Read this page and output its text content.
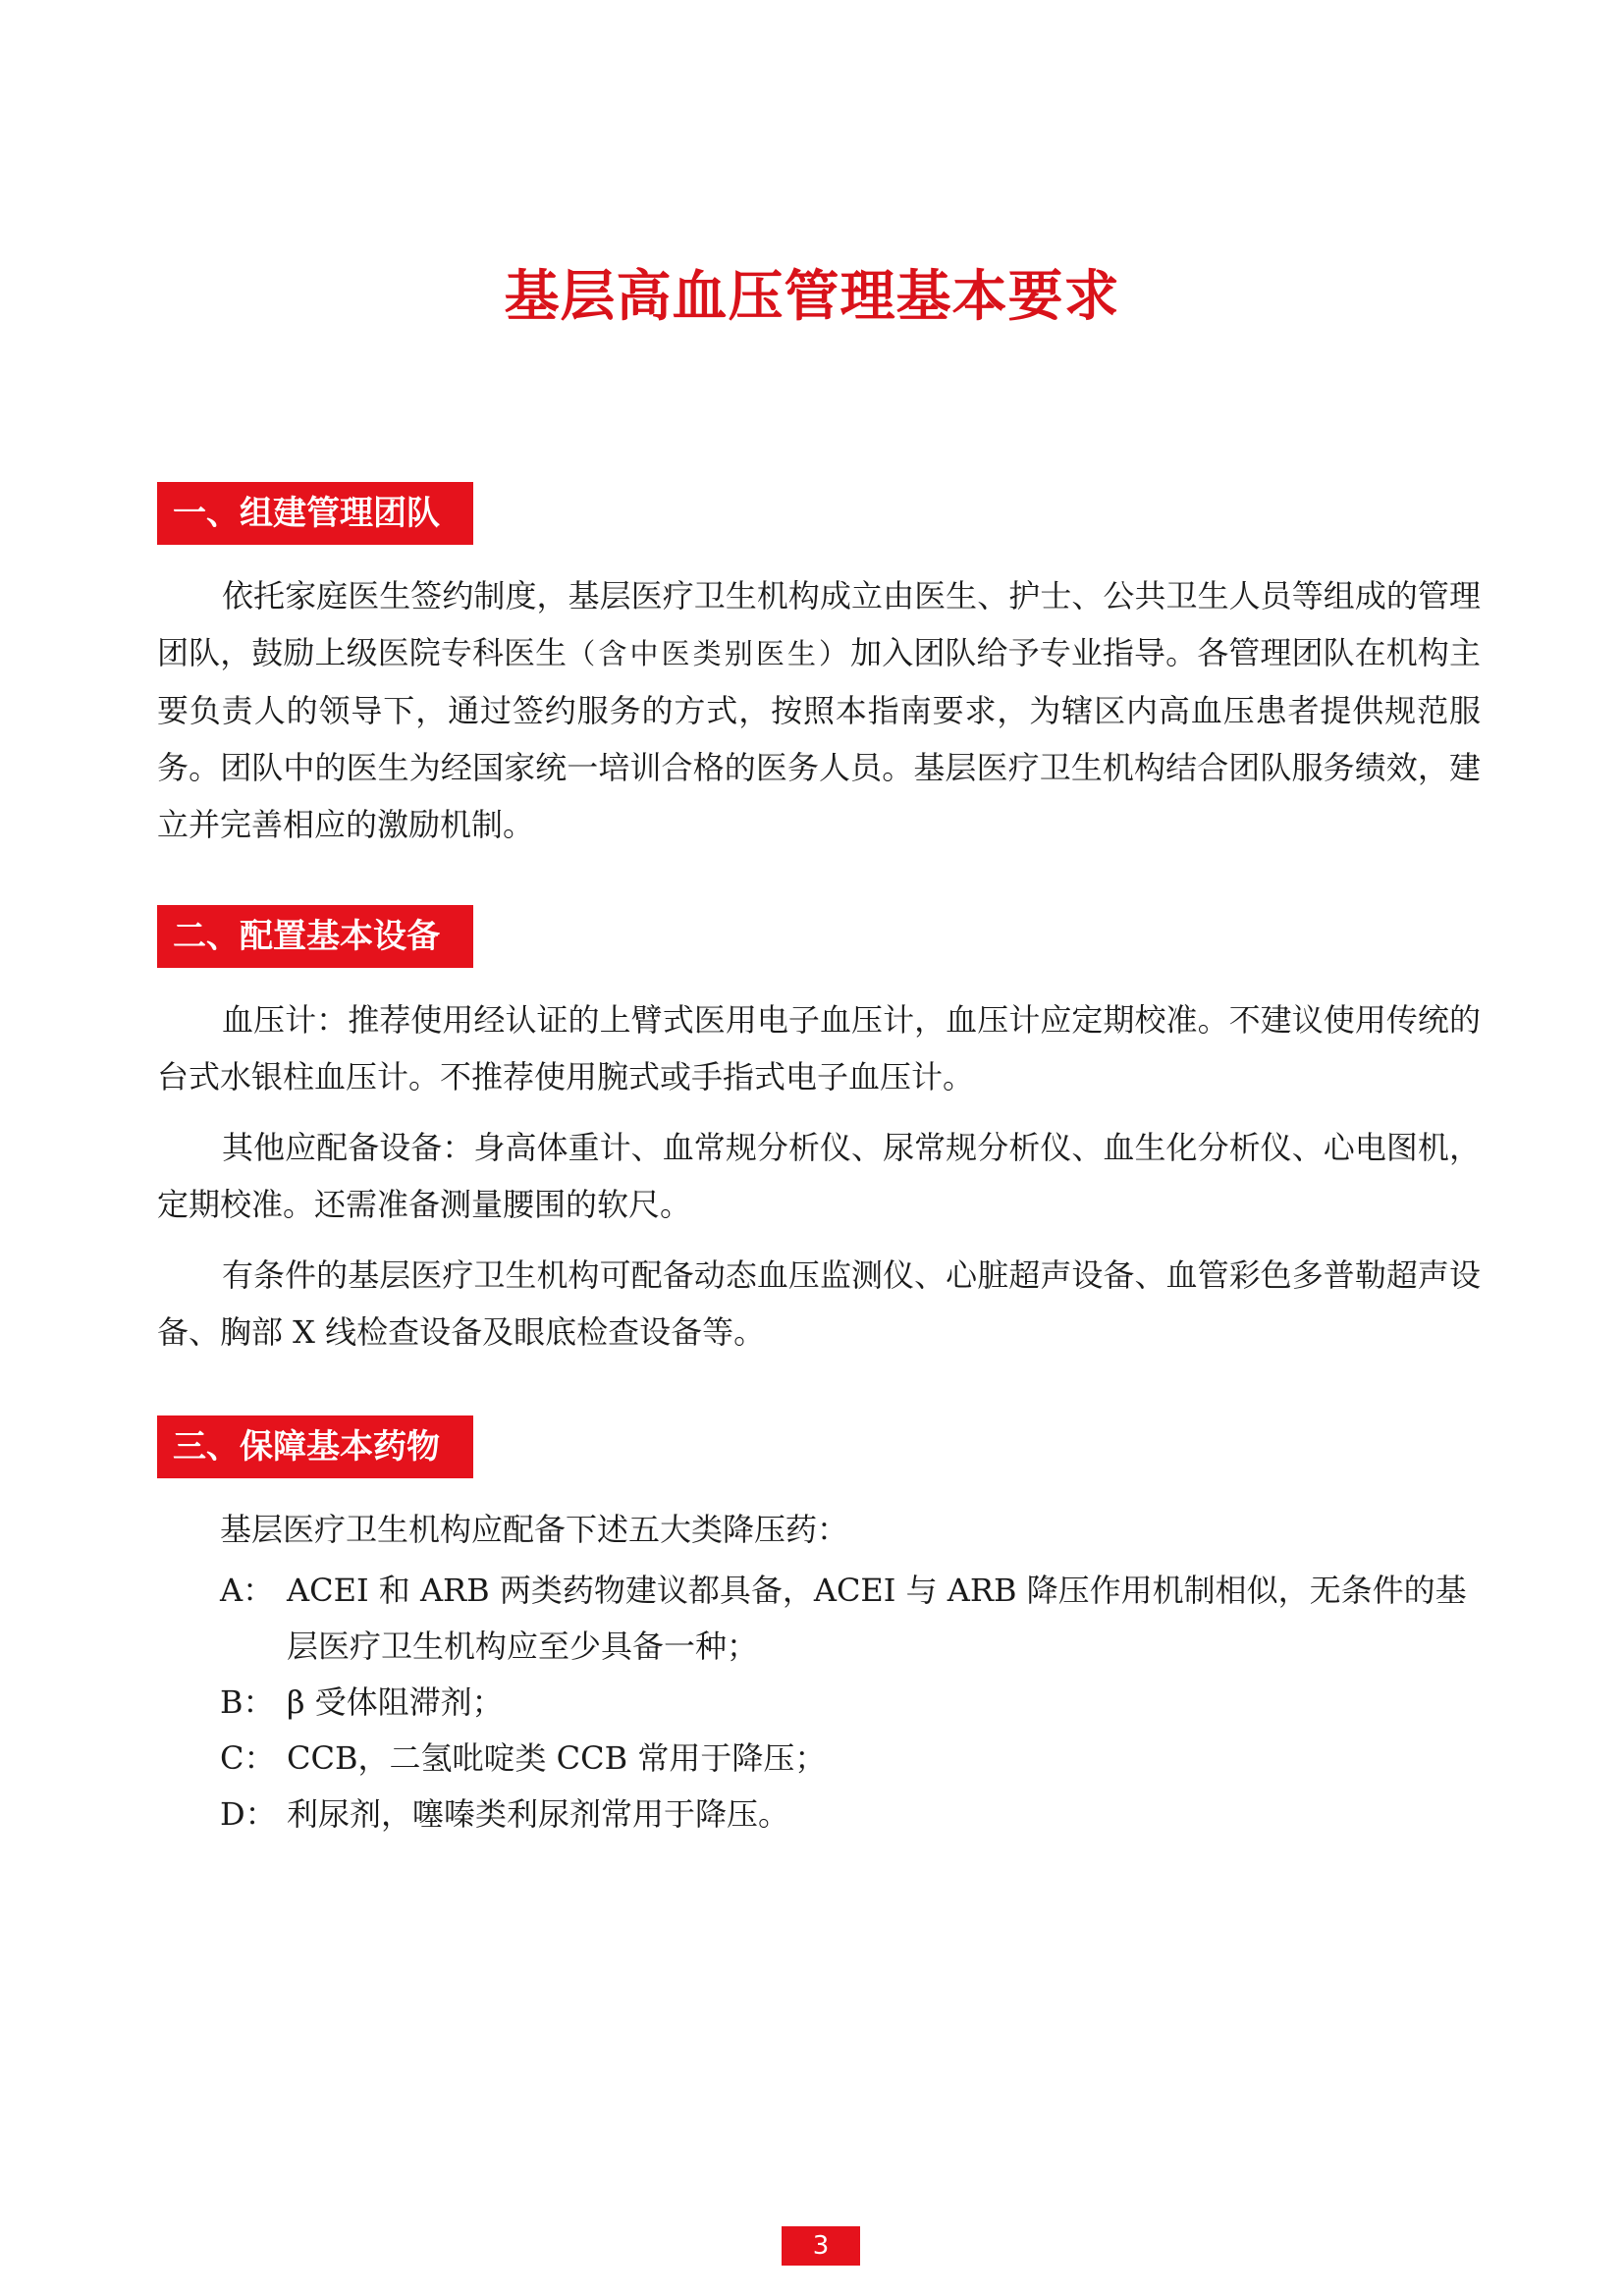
基层高血压管理基本要求
一、组建管理团队

依托家庭医生签约制度，基层医疗卫生机构成立由医生、护士、公共卫生人员等组成的管理团队，鼓励上级医院专科医生（含中医类别医生）加入团队给予专业指导。各管理团队在机构主要负责人的领导下，通过签约服务的方式，按照本指南要求，为辖区内高血压患者提供规范服务。团队中的医生为经国家统一培训合格的医务人员。基层医疗卫生机构结合团队服务绩效，建立并完善相应的激励机制。

二、配置基本设备

血压计：推荐使用经认证的上臂式医用电子血压计，血压计应定期校准。不建议使用传统的台式水银柱血压计。不推荐使用腕式或手指式电子血压计。

其他应配备设备：身高体重计、血常规分析仪、尿常规分析仪、血生化分析仪、心电图机，定期校准。还需准备测量腰围的软尺。

有条件的基层医疗卫生机构可配备动态血压监测仪、心脏超声设备、血管彩色多普勒超声设备、胸部 X 线检查设备及眼底检查设备等。

三、保障基本药物

基层医疗卫生机构应配备下述五大类降压药：

A： ACEI 和 ARB 两类药物建议都具备，ACEI 与 ARB 降压作用机制相似，无条件的基

层医疗卫生机构应至少具备一种；

B： β 受体阻滞剂；

C： CCB，二氢吡啶类 CCB 常用于降压；

D： 利尿剂，噻嗪类利尿剂常用于降压。

3
